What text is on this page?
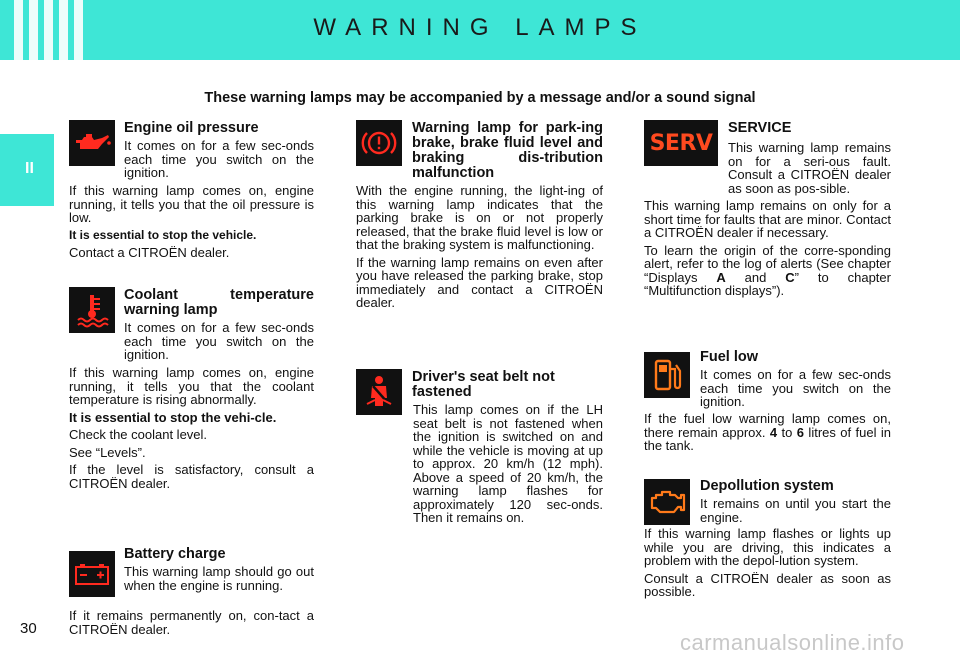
WARNING LAMPS
II
These warning lamps may be accompanied by a message and/or a sound signal
Engine oil pressure

It comes on for a few sec-onds each time you switch on the ignition.

If this warning lamp comes on, engine running, it tells you that the oil pressure is low.

It is essential to stop the vehicle.

Contact a CITROËN dealer.

Coolant temperature warning lamp

It comes on for a few sec-onds each time you switch on the ignition.

If this warning lamp comes on, engine running, it tells you that the coolant temperature is rising abnormally.

It is essential to stop the vehi-cle.

Check the coolant level.

See “Levels”.

If the level is satisfactory, consult a CITROËN dealer.

Battery charge

This warning lamp should go out when the engine is running.

If it remains permanently on, con-tact a CITROËN dealer.

Warning lamp for park-ing brake, brake fluid level and braking dis-tribution malfunction

With the engine running, the light-ing of this warning lamp indicates that the parking brake is on or not properly released, that the brake fluid level is low or that the braking system is malfunctioning.

If the warning lamp remains on even after you have released the parking brake, stop immediately and contact a CITROËN dealer.

Driver's seat belt not fastened

This lamp comes on if the LH seat belt is not fastened when the ignition is switched on and while the vehicle is moving at up to approx. 20 km/h (12 mph). Above a speed of 20 km/h, the warning lamp flashes for approximately 120 sec-onds. Then it remains on.

SERV
SERVICE

This warning lamp remains on for a seri-ous fault. Consult a CITROËN dealer as soon as pos-sible.

This warning lamp remains on only for a short time for faults that are minor. Contact a CITROËN dealer if necessary.

To learn the origin of the corre-sponding alert, refer to the log of alerts (See chapter “Displays A and C” to chapter “Multifunction displays”).

Fuel low

It comes on for a few sec-onds each time you switch on the ignition.

If the fuel low warning lamp comes on, there remain approx. 4 to 6 litres of fuel in the tank.

Depollution system

It remains on until you start the engine.

If this warning lamp flashes or lights up while you are driving, this indicates a problem with the depol-lution system.

Consult a CITROËN dealer as soon as possible.

30
carmanualsonline.info
